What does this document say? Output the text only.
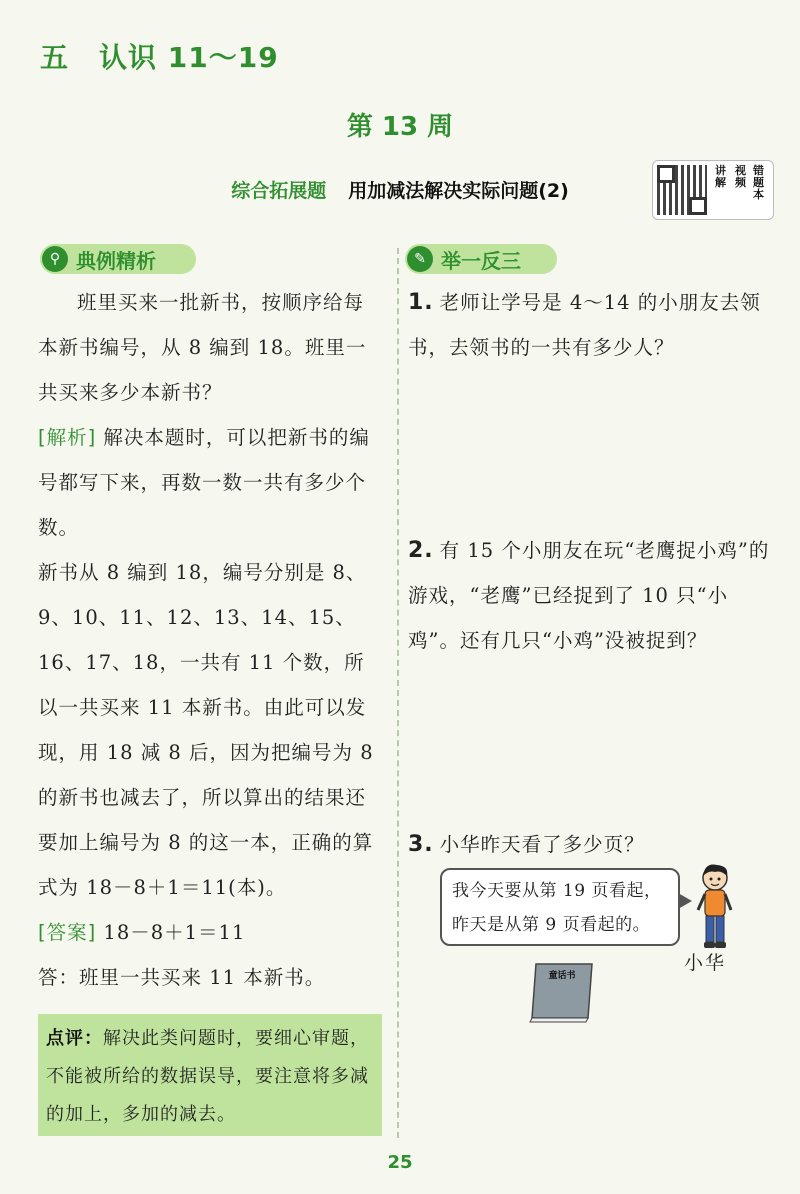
五 认识 11～19
第 13 周
综合拓展题 用加减法解决实际问题(2)
讲解
视频
错题本
⚲ 典例精析

班里买来一批新书，按顺序给每本新书编号，从 8 编到 18。班里一共买来多少本新书？

[解析] 解决本题时，可以把新书的编号都写下来，再数一数一共有多少个数。

新书从 8 编到 18，编号分别是 8、9、10、11、12、13、14、15、16、17、18，一共有 11 个数，所以一共买来 11 本新书。由此可以发现，用 18 减 8 后，因为把编号为 8 的新书也减去了，所以算出的结果还要加上编号为 8 的这一本，正确的算式为 18－8＋1＝11(本)。

[答案] 18－8＋1＝11

答：班里一共买来 11 本新书。

点评：解决此类问题时，要细心审题，不能被所给的数据误导，要注意将多减的加上，多加的减去。
✎ 举一反三
1. 老师让学号是 4～14 的小朋友去领书，去领书的一共有多少人？
2. 有 15 个小朋友在玩“老鹰捉小鸡”的游戏，“老鹰”已经捉到了 10 只“小鸡”。还有几只“小鸡”没被捉到？
3. 小华昨天看了多少页？
我今天要从第 19 页看起，
昨天是从第 9 页看起的。
小华
童话书
25
